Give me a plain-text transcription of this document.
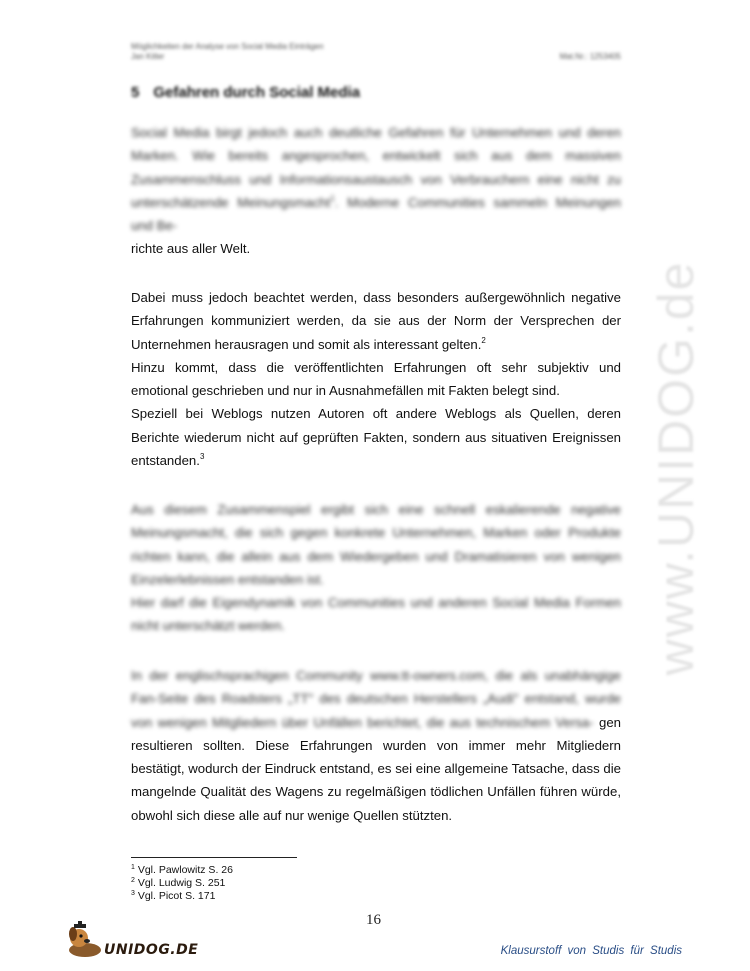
Möglichkeiten der Analyse von Social Media Einträgen
Jan Kitler	Mat.Nr.: 1253405
5 Gefahren durch Social Media

Social Media birgt jedoch auch deutliche Gefahren für Unternehmen und deren Marken. Wie bereits angesprochen, entwickelt sich aus dem massiven Zusammenschluss und Informationsaustausch von Verbrauchern eine nicht zu unterschätzende Meinungsmacht$^1$. Moderne Communities sammeln Meinungen und Be-
richte aus aller Welt.

Dabei muss jedoch beachtet werden, dass besonders außergewöhnlich negative Erfahrungen kommuniziert werden, da sie aus der Norm der Versprechen der Unternehmen herausragen und somit als interessant gelten.$^2$
Hinzu kommt, dass die veröffentlichten Erfahrungen oft sehr subjektiv und emotional geschrieben und nur in Ausnahmefällen mit Fakten belegt sind.
Speziell bei Weblogs nutzen Autoren oft andere Weblogs als Quellen, deren Berichte wiederum nicht auf geprüften Fakten, sondern aus situativen Ereignissen entstanden.$^3$

Aus diesem Zusammenspiel ergibt sich eine schnell eskalierende negative Meinungsmacht, die sich gegen konkrete Unternehmen, Marken oder Produkte richten kann, die allein aus dem Wiedergeben und Dramatisieren von wenigen Einzelerlebnissen entstanden ist.
Hier darf die Eigendynamik von Communities und anderen Social Media Formen nicht unterschätzt werden.

In der englischsprachigen Community www.tt-owners.com, die als unabhängige Fan-Seite des Roadsters „TT" des deutschen Herstellers „Audi" entstand, wurde von wenigen Mitgliedern über Unfällen berichtet, die aus technischem Versa- gen resultieren sollten. Diese Erfahrungen wurden von immer mehr Mitgliedern bestätigt, wodurch der Eindruck entstand, es sei eine allgemeine Tatsache, dass die mangelnde Qualität des Wagens zu regelmäßigen tödlichen Unfällen führen würde, obwohl sich diese alle auf nur wenige Quellen stützten.

$^1$ Vgl. Pawlowitz S. 26
$^2$ Vgl. Ludwig S. 251
$^3$ Vgl. Picot S. 171
16
UNIDOG.DE	Klausurstoff von Studis für Studis
www.UNIDOG.de
